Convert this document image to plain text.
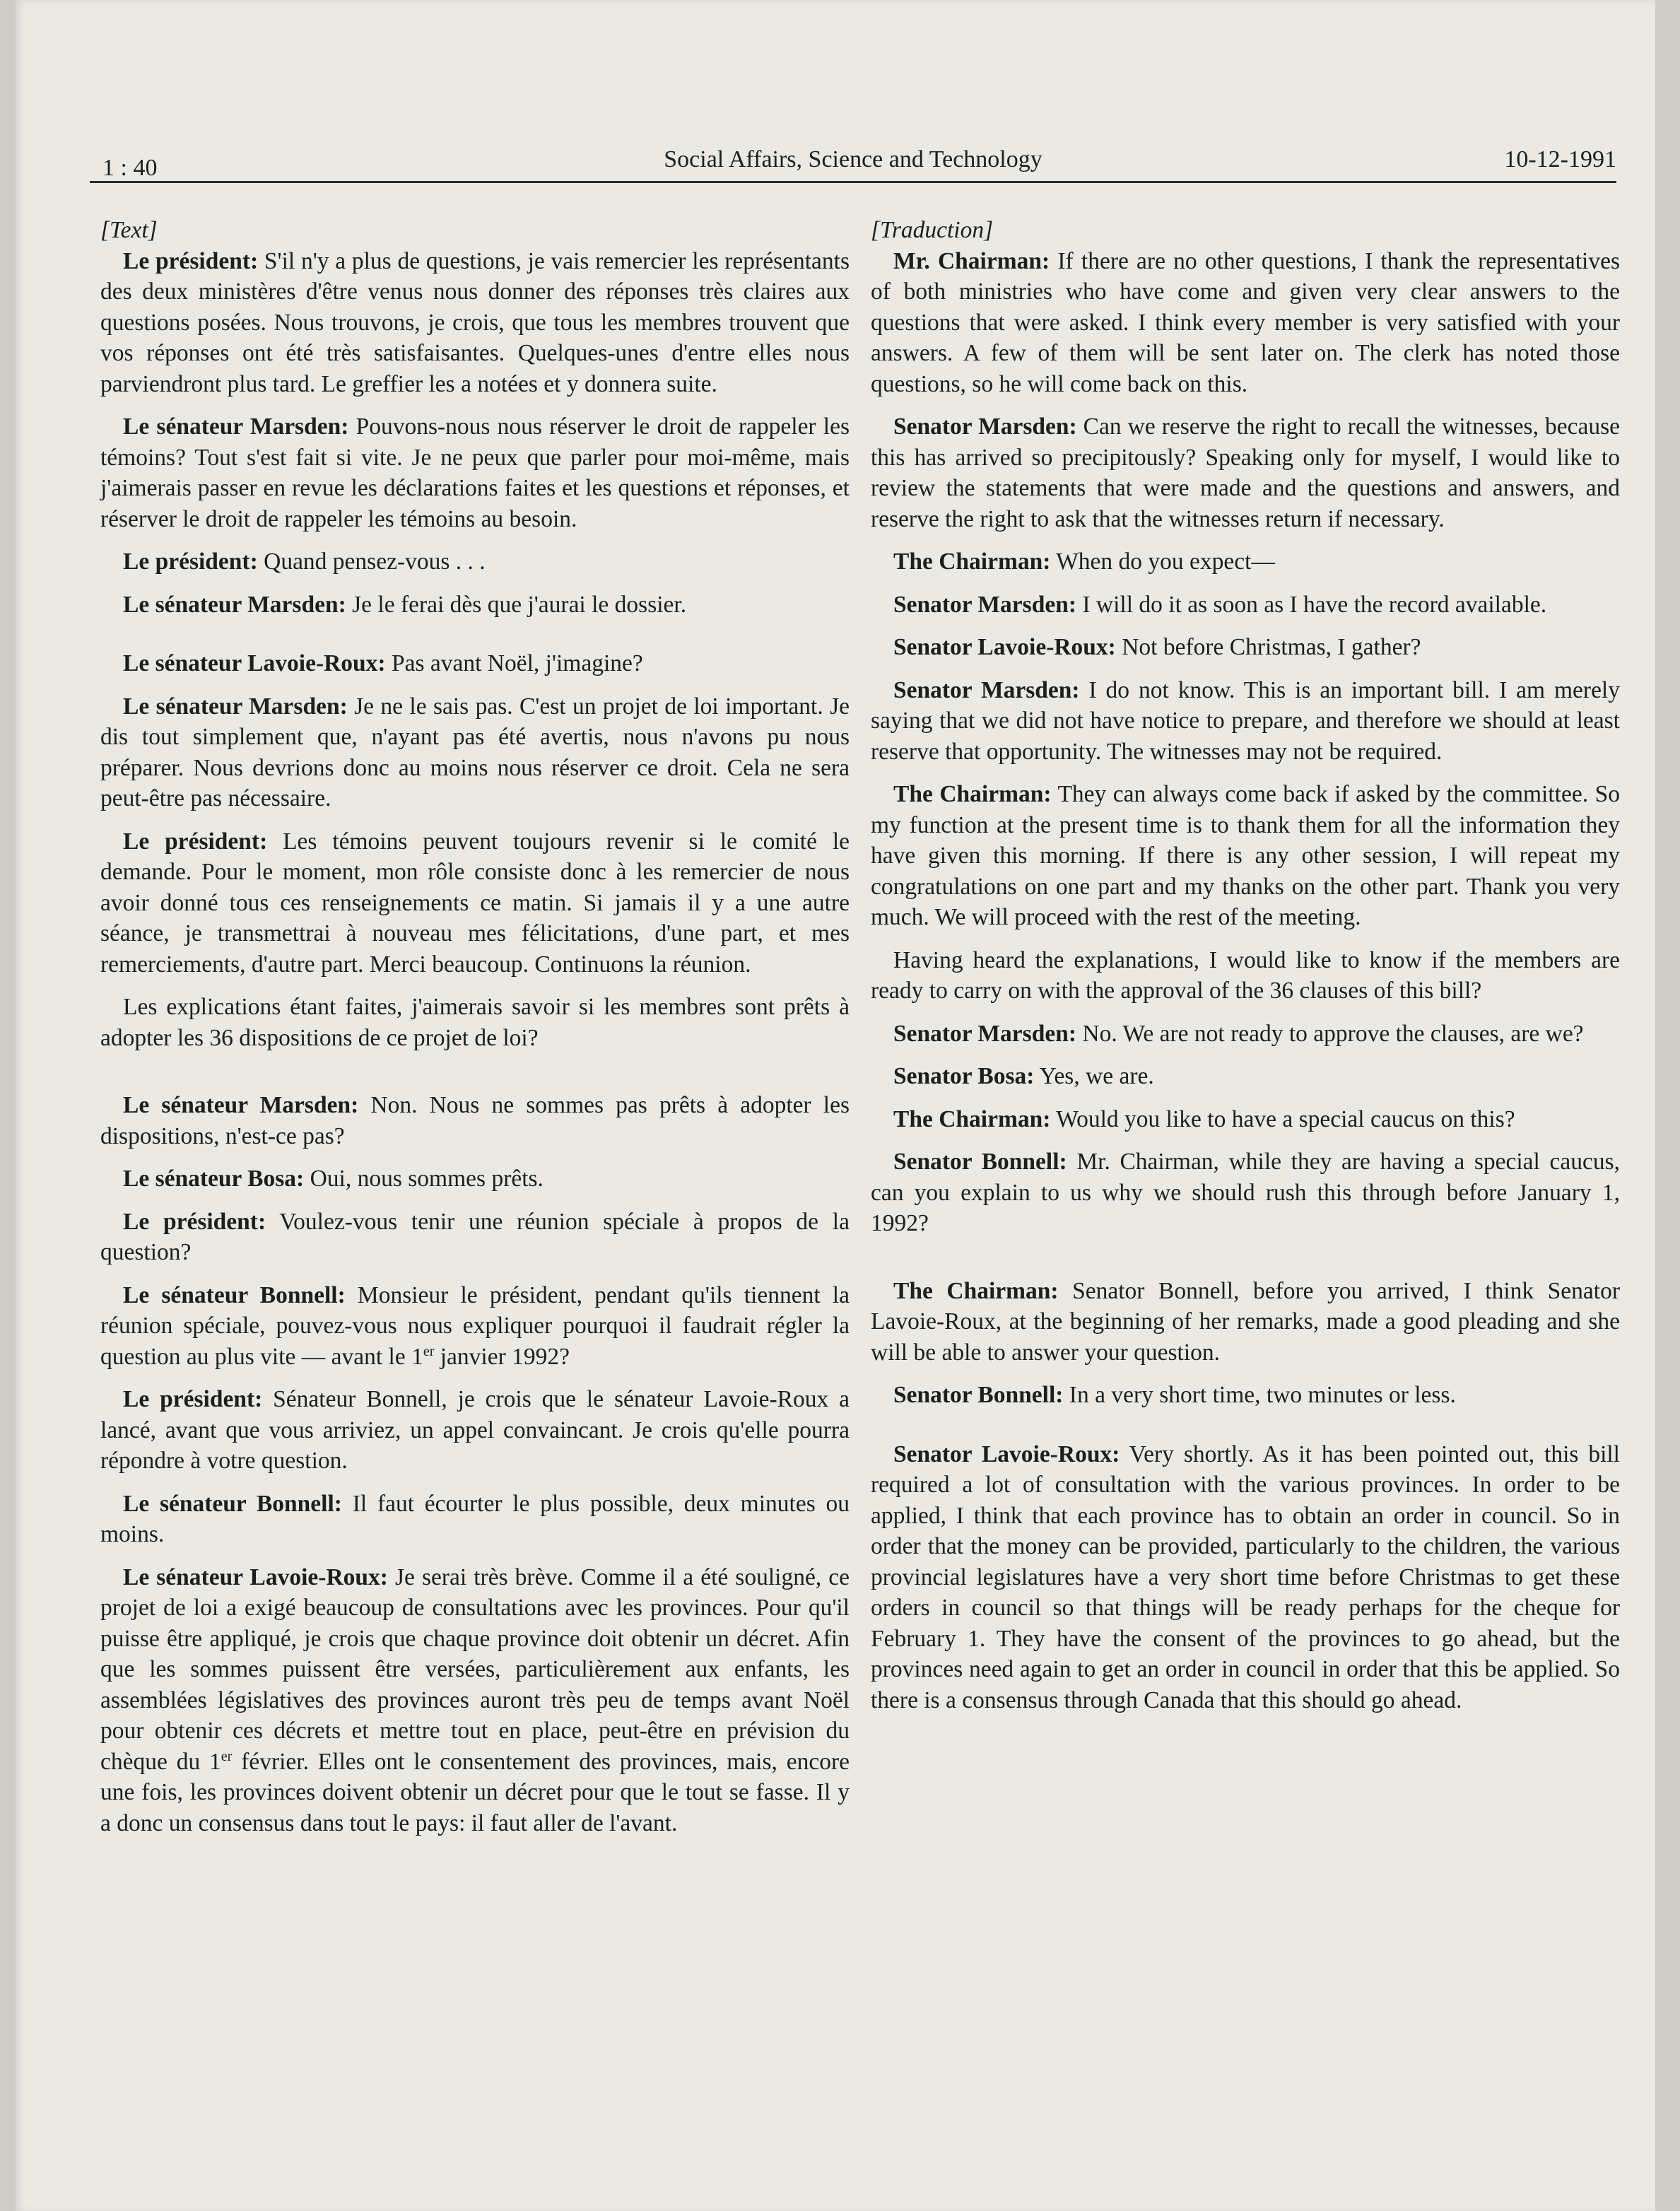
1 : 40	Social Affairs, Science and Technology	10-12-1991

[Text]

Le président: S'il n'y a plus de questions, je vais remercier les représentants des deux ministères d'être venus nous donner des réponses très claires aux questions posées. Nous trouvons, je crois, que tous les membres trouvent que vos réponses ont été très satisfaisantes. Quelques-unes d'entre elles nous parviendront plus tard. Le greffier les a notées et y donnera suite.

Le sénateur Marsden: Pouvons-nous nous réserver le droit de rappeler les témoins? Tout s'est fait si vite. Je ne peux que parler pour moi-même, mais j'aimerais passer en revue les déclarations faites et les questions et réponses, et réserver le droit de rappeler les témoins au besoin.

Le président: Quand pensez-vous . . .

Le sénateur Marsden: Je le ferai dès que j'aurai le dossier.

Le sénateur Lavoie-Roux: Pas avant Noël, j'imagine?

Le sénateur Marsden: Je ne le sais pas. C'est un projet de loi important. Je dis tout simplement que, n'ayant pas été avertis, nous n'avons pu nous préparer. Nous devrions donc au moins nous réserver ce droit. Cela ne sera peut-être pas nécessaire.

Le président: Les témoins peuvent toujours revenir si le comité le demande. Pour le moment, mon rôle consiste donc à les remercier de nous avoir donné tous ces renseignements ce matin. Si jamais il y a une autre séance, je transmettrai à nouveau mes félicitations, d'une part, et mes remerciements, d'autre part. Merci beaucoup. Continuons la réunion.

Les explications étant faites, j'aimerais savoir si les membres sont prêts à adopter les 36 dispositions de ce projet de loi?

Le sénateur Marsden: Non. Nous ne sommes pas prêts à adopter les dispositions, n'est-ce pas?

Le sénateur Bosa: Oui, nous sommes prêts.

Le président: Voulez-vous tenir une réunion spéciale à propos de la question?

Le sénateur Bonnell: Monsieur le président, pendant qu'ils tiennent la réunion spéciale, pouvez-vous nous expliquer pourquoi il faudrait régler la question au plus vite — avant le 1er janvier 1992?

Le président: Sénateur Bonnell, je crois que le sénateur Lavoie-Roux a lancé, avant que vous arriviez, un appel convaincant. Je crois qu'elle pourra répondre à votre question.

Le sénateur Bonnell: Il faut écourter le plus possible, deux minutes ou moins.

Le sénateur Lavoie-Roux: Je serai très brève. Comme il a été souligné, ce projet de loi a exigé beaucoup de consultations avec les provinces. Pour qu'il puisse être appliqué, je crois que chaque province doit obtenir un décret. Afin que les sommes puissent être versées, particulièrement aux enfants, les assemblées législatives des provinces auront très peu de temps avant Noël pour obtenir ces décrets et mettre tout en place, peut-être en prévision du chèque du 1er février. Elles ont le consentement des provinces, mais, encore une fois, les provinces doivent obtenir un décret pour que le tout se fasse. Il y a donc un consensus dans tout le pays: il faut aller de l'avant.

[Traduction]

Mr. Chairman: If there are no other questions, I thank the representatives of both ministries who have come and given very clear answers to the questions that were asked. I think every member is very satisfied with your answers. A few of them will be sent later on. The clerk has noted those questions, so he will come back on this.

Senator Marsden: Can we reserve the right to recall the witnesses, because this has arrived so precipitously? Speaking only for myself, I would like to review the statements that were made and the questions and answers, and reserve the right to ask that the witnesses return if necessary.

The Chairman: When do you expect—

Senator Marsden: I will do it as soon as I have the record available.

Senator Lavoie-Roux: Not before Christmas, I gather?

Senator Marsden: I do not know. This is an important bill. I am merely saying that we did not have notice to prepare, and therefore we should at least reserve that opportunity. The witnesses may not be required.

The Chairman: They can always come back if asked by the committee. So my function at the present time is to thank them for all the information they have given this morning. If there is any other session, I will repeat my congratulations on one part and my thanks on the other part. Thank you very much. We will proceed with the rest of the meeting.

Having heard the explanations, I would like to know if the members are ready to carry on with the approval of the 36 clauses of this bill?

Senator Marsden: No. We are not ready to approve the clauses, are we?

Senator Bosa: Yes, we are.

The Chairman: Would you like to have a special caucus on this?

Senator Bonnell: Mr. Chairman, while they are having a special caucus, can you explain to us why we should rush this through before January 1, 1992?

The Chairman: Senator Bonnell, before you arrived, I think Senator Lavoie-Roux, at the beginning of her remarks, made a good pleading and she will be able to answer your question.

Senator Bonnell: In a very short time, two minutes or less.

Senator Lavoie-Roux: Very shortly. As it has been pointed out, this bill required a lot of consultation with the various provinces. In order to be applied, I think that each province has to obtain an order in council. So in order that the money can be provided, particularly to the children, the various provincial legislatures have a very short time before Christmas to get these orders in council so that things will be ready perhaps for the cheque for February 1. They have the consent of the provinces to go ahead, but the provinces need again to get an order in council in order that this be applied. So there is a consensus through Canada that this should go ahead.
